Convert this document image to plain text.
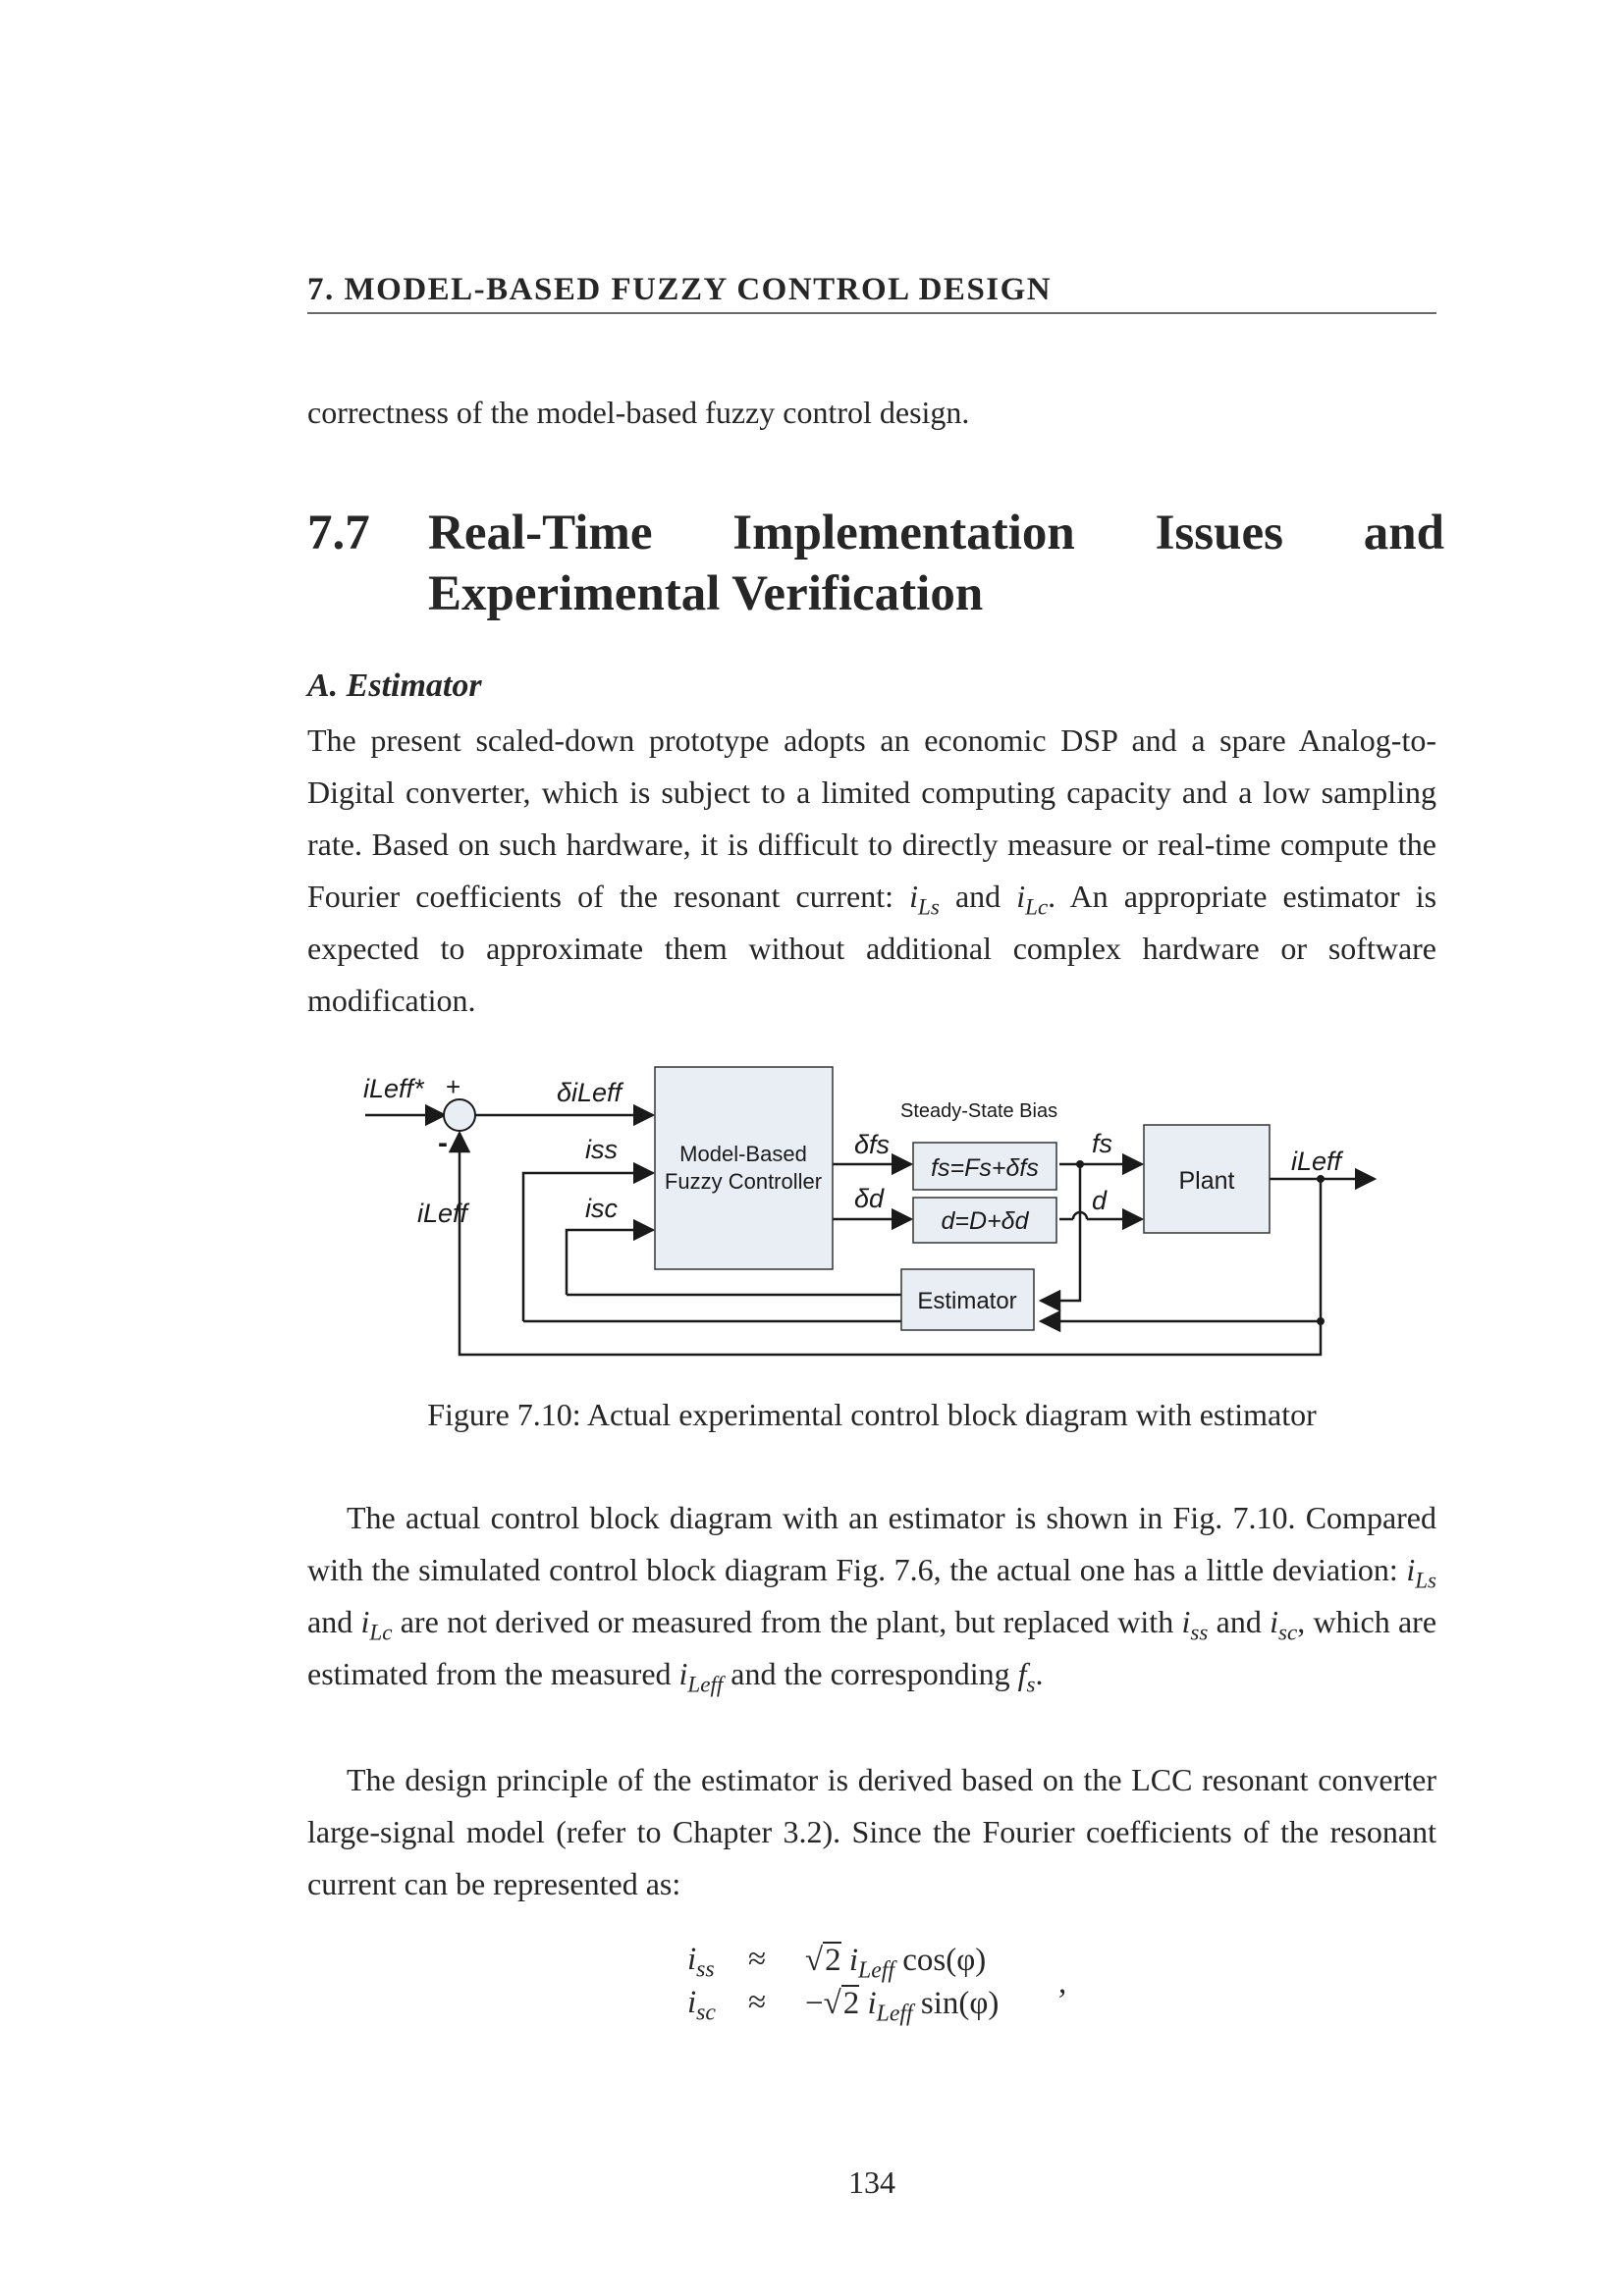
7. MODEL-BASED FUZZY CONTROL DESIGN
correctness of the model-based fuzzy control design.
7.7 Real-Time Implementation Issues and Experimental Verification
A. Estimator
The present scaled-down prototype adopts an economic DSP and a spare Analog-to-Digital converter, which is subject to a limited computing capacity and a low sampling rate. Based on such hardware, it is difficult to directly measure or real-time compute the Fourier coefficients of the resonant current: $i_{Ls}$ and $i_{Lc}$. An appropriate estimator is expected to approximate them without additional complex hardware or software modification.
Model-Based
Fuzzy Controller	fs=Fs+δfs
d=D+δd
Plant
Estimator
Steady-State Bias
iLeff* +
-
iLeff
δiLeff
iss
isc
δfs
δd
fs
d
iLeff
Figure 7.10: Actual experimental control block diagram with estimator
The actual control block diagram with an estimator is shown in Fig. 7.10. Compared with the simulated control block diagram Fig. 7.6, the actual one has a little deviation: $i_{Ls}$ and $i_{Lc}$ are not derived or measured from the plant, but replaced with $i_{ss}$ and $i_{sc}$, which are estimated from the measured $i_{Leff}$ and the corresponding $f_s$.
The design principle of the estimator is derived based on the LCC resonant converter large-signal model (refer to Chapter 3.2). Since the Fourier coefficients of the resonant current can be represented as:
$i_{ss} \approx √2$ $i_{Leff}$ cos(φ)
$i_{sc} \approx -√2$ $i_{Leff}$ sin(φ)
,
134
